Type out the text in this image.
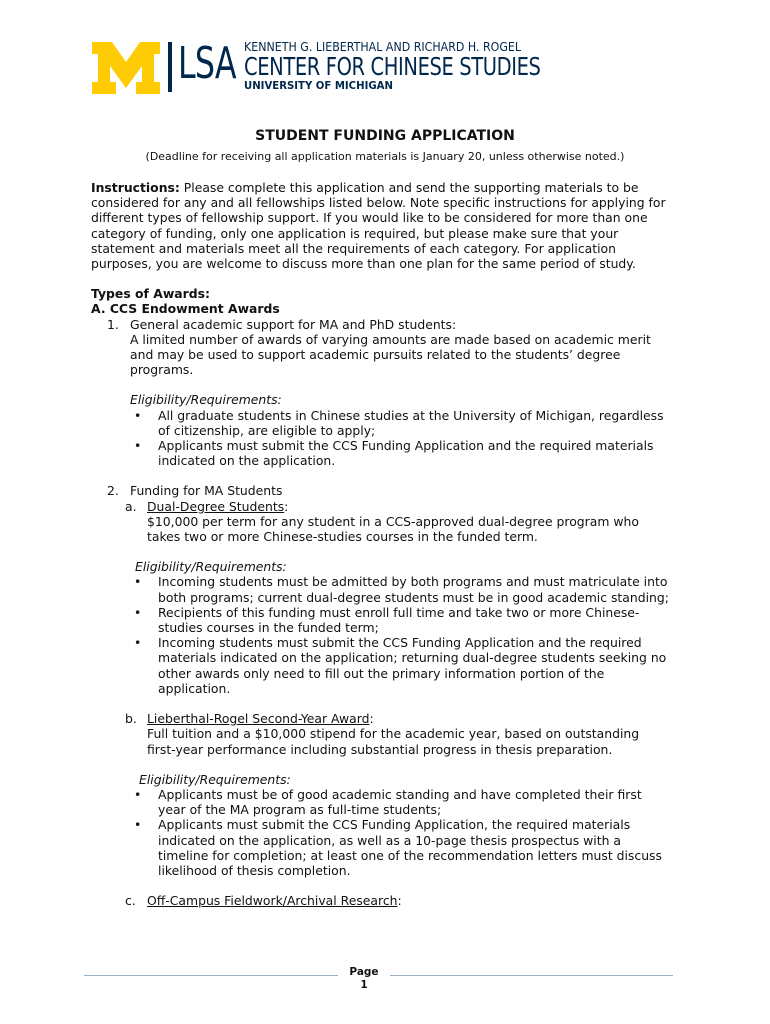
LSA KENNETH G. LIEBERTHAL AND RICHARD H. ROGEL
CENTER FOR CHINESE STUDIES
UNIVERSITY OF MICHIGAN
STUDENT FUNDING APPLICATION
(Deadline for receiving all application materials is January 20, unless otherwise noted.)
Instructions: Please complete this application and send the supporting materials to be
considered for any and all fellowships listed below. Note specific instructions for applying for
different types of fellowship support. If you would like to be considered for more than one
category of funding, only one application is required, but please make sure that your
statement and materials meet all the requirements of each category. For application
purposes, you are welcome to discuss more than one plan for the same period of study.
Types of Awards:
A. CCS Endowment Awards
1. General academic support for MA and PhD students:
A limited number of awards of varying amounts are made based on academic merit
and may be used to support academic pursuits related to the students’ degree
programs.
Eligibility/Requirements:
• All graduate students in Chinese studies at the University of Michigan, regardless
of citizenship, are eligible to apply;
• Applicants must submit the CCS Funding Application and the required materials
indicated on the application.
2. Funding for MA Students
a. Dual-Degree Students:
$10,000 per term for any student in a CCS-approved dual-degree program who
takes two or more Chinese-studies courses in the funded term.
Eligibility/Requirements:
• Incoming students must be admitted by both programs and must matriculate into
both programs; current dual-degree students must be in good academic standing;
• Recipients of this funding must enroll full time and take two or more Chinese-
studies courses in the funded term;
• Incoming students must submit the CCS Funding Application and the required
materials indicated on the application; returning dual-degree students seeking no
other awards only need to fill out the primary information portion of the
application.
b. Lieberthal-Rogel Second-Year Award:
Full tuition and a $10,000 stipend for the academic year, based on outstanding
first-year performance including substantial progress in thesis preparation.
Eligibility/Requirements:
• Applicants must be of good academic standing and have completed their first
year of the MA program as full-time students;
• Applicants must submit the CCS Funding Application, the required materials
indicated on the application, as well as a 10-page thesis prospectus with a
timeline for completion; at least one of the recommendation letters must discuss
likelihood of thesis completion.
c. Off-Campus Fieldwork/Archival Research:
Page
1
